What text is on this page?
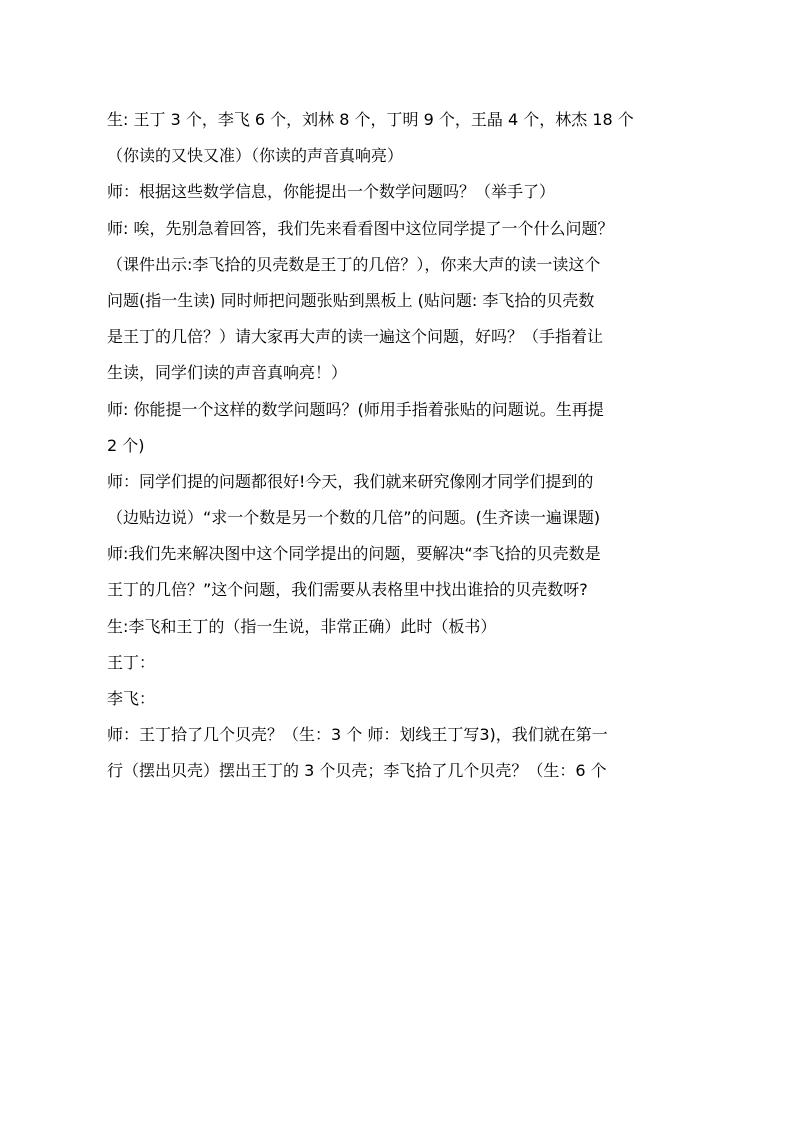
生: 王丁 3 个，李飞 6 个，刘林 8 个，丁明 9 个，王晶 4 个，林杰 18 个
（你读的又快又准）（你读的声音真响亮）
师：根据这些数学信息，你能提出一个数学问题吗？（举手了）
师: 唉，先别急着回答，我们先来看看图中这位同学提了一个什么问题？
（课件出示:李飞拾的贝壳数是王丁的几倍？），你来大声的读一读这个
问题(指一生读) 同时师把问题张贴到黑板上 (贴问题: 李飞拾的贝壳数
是王丁的几倍？）请大家再大声的读一遍这个问题，好吗？（手指着让
生读，同学们读的声音真响亮！）
师: 你能提一个这样的数学问题吗？(师用手指着张贴的问题说。生再提
2 个)
师：同学们提的问题都很好!今天，我们就来研究像刚才同学们提到的
（边贴边说）“求一个数是另一个数的几倍”的问题。(生齐读一遍课题)
师:我们先来解决图中这个同学提出的问题，要解决“李飞拾的贝壳数是
王丁的几倍？”这个问题，我们需要从表格里中找出谁拾的贝壳数呀?
生:李飞和王丁的（指一生说，非常正确）此时（板书）
王丁：
李飞：
师：王丁拾了几个贝壳？（生：3 个 师：划线王丁写3)，我们就在第一
行（摆出贝壳）摆出王丁的 3 个贝壳；李飞拾了几个贝壳？（生：6 个
